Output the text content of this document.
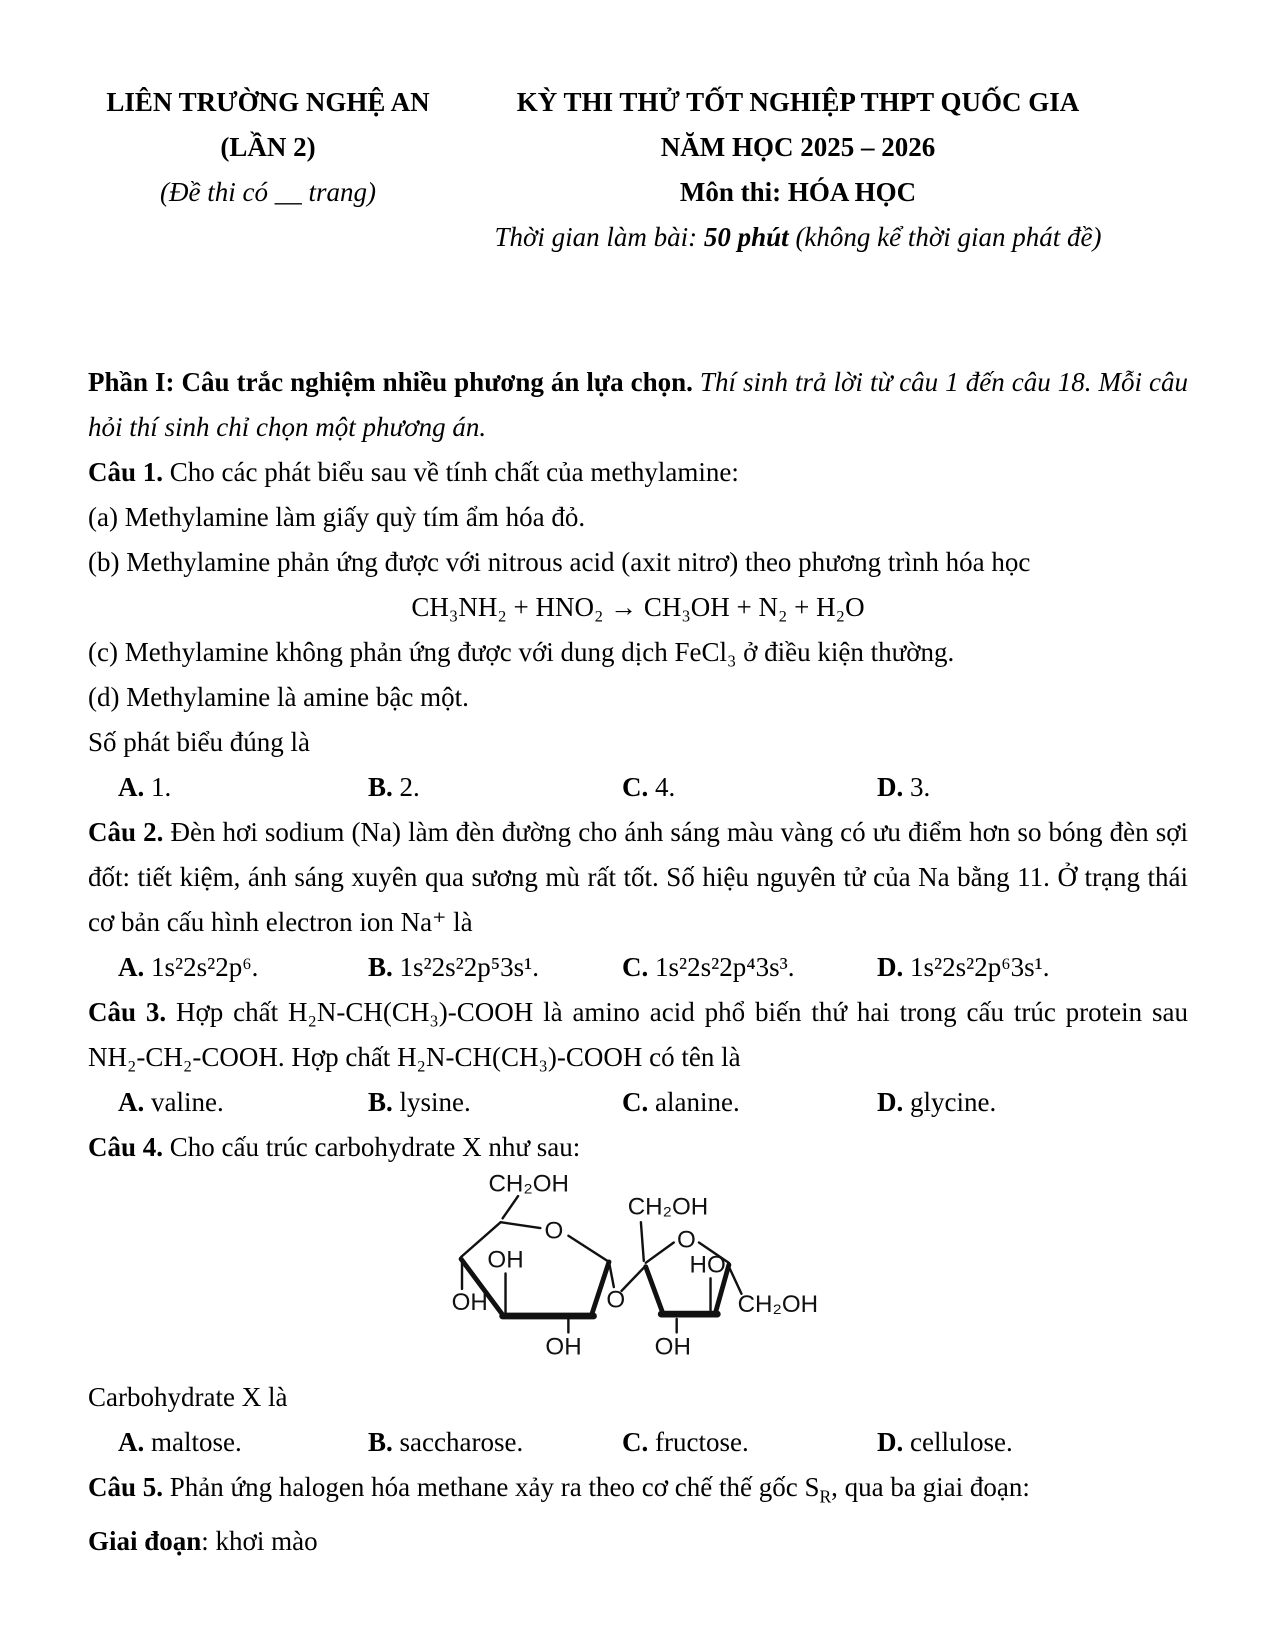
LIÊN TRƯỜNG NGHỆ AN

(LẦN 2)

(Đề thi có __ trang)

KỲ THI THỬ TỐT NGHIỆP THPT QUỐC GIA

NĂM HỌC 2025 – 2026

Môn thi: HÓA HỌC

Thời gian làm bài: 50 phút (không kể thời gian phát đề)

Phần I: Câu trắc nghiệm nhiều phương án lựa chọn. Thí sinh trả lời từ câu 1 đến câu 18. Mỗi câu hỏi thí sinh chỉ chọn một phương án.

Câu 1. Cho các phát biểu sau về tính chất của methylamine:

(a) Methylamine làm giấy quỳ tím ẩm hóa đỏ.

(b) Methylamine phản ứng được với nitrous acid (axit nitrơ) theo phương trình hóa học

CH₃NH₂ + HNO₂ → CH₃OH + N₂ + H₂O

(c) Methylamine không phản ứng được với dung dịch FeCl₃ ở điều kiện thường.

(d) Methylamine là amine bậc một.

Số phát biểu đúng là

A. 1.	B. 2.	C. 4.	D. 3.

Câu 2. Đèn hơi sodium (Na) làm đèn đường cho ánh sáng màu vàng có ưu điểm hơn so bóng đèn sợi đốt: tiết kiệm, ánh sáng xuyên qua sương mù rất tốt. Số hiệu nguyên tử của Na bằng 11. Ở trạng thái cơ bản cấu hình electron ion Na⁺ là

A. 1s²2s²2p⁶.	B. 1s²2s²2p⁵3s¹.	C. 1s²2s²2p⁴3s³.	D. 1s²2s²2p⁶3s¹.

Câu 3. Hợp chất H₂N-CH(CH₃)-COOH là amino acid phổ biến thứ hai trong cấu trúc protein sau NH₂-CH₂-COOH. Hợp chất H₂N-CH(CH₃)-COOH có tên là

A. valine.	B. lysine.	C. alanine.	D. glycine.

Câu 4. Cho cấu trúc carbohydrate X như sau:

CH₂OH
O
OH
OH
OH
O
CH₂OH
O
HO
OH
CH₂OH

Carbohydrate X là

A. maltose.	B. saccharose.	C. fructose.	D. cellulose.

Câu 5. Phản ứng halogen hóa methane xảy ra theo cơ chế thế gốc $S_R$, qua ba giai đoạn:

Giai đoạn: khơi mào
